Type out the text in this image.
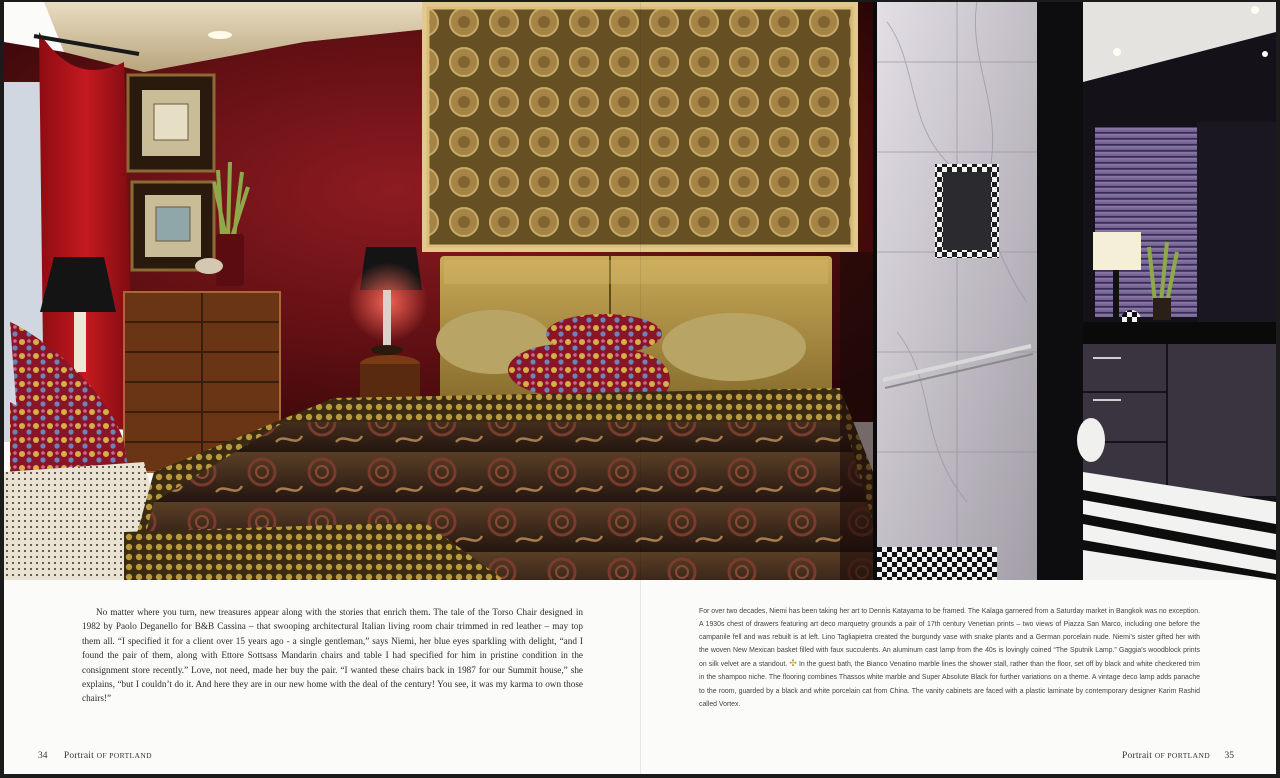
No matter where you turn, new treasures appear along with the stories that enrich them. The tale of the Torso Chair designed in 1982 by Paolo Deganello for B&B Cassina – that swooping architectural Italian living room chair trimmed in red leather – may top them all. “I specified it for a client over 15 years ago - a single gentleman,” says Niemi, her blue eyes sparkling with delight, “and I found the pair of them, along with Ettore Sottsass Mandarin chairs and table I had specified for him in pristine condition in the consignment store recently.” Love, not need, made her buy the pair. “I wanted these chairs back in 1987 for our Summit house,” she explains, “but I couldn’t do it. And here they are in our new home with the deal of the century! You see, it was my karma to own those chairs!”
For over two decades, Niemi has been taking her art to Dennis Katayama to be framed. The Kalaga garnered from a Saturday market in Bangkok was no exception. A 1930s chest of drawers featuring art deco marquetry grounds a pair of 17th century Venetian prints – two views of Piazza San Marco, including one before the campanile fell and was rebuilt is at left. Lino Tagliapietra created the burgundy vase with snake plants and a German porcelain nude. Niemi’s sister gifted her with the woven New Mexican basket filled with faux succulents. An aluminum cast lamp from the 40s is lovingly coined “The Sputnik Lamp.” Gaggia’s woodblock prints on silk velvet are a standout. ✣ In the guest bath, the Bianco Venatino marble lines the shower stall, rather than the floor, set off by black and white checkered trim in the shampoo niche. The flooring combines Thassos white marble and Super Absolute Black for further variations on a theme. A vintage deco lamp adds panache to the room, guarded by a black and white porcelain cat from China. The vanity cabinets are faced with a plastic laminate by contemporary designer Karim Rashid called Vortex.
34 Portrait OF PORTLAND	Portrait OF PORTLAND 35
